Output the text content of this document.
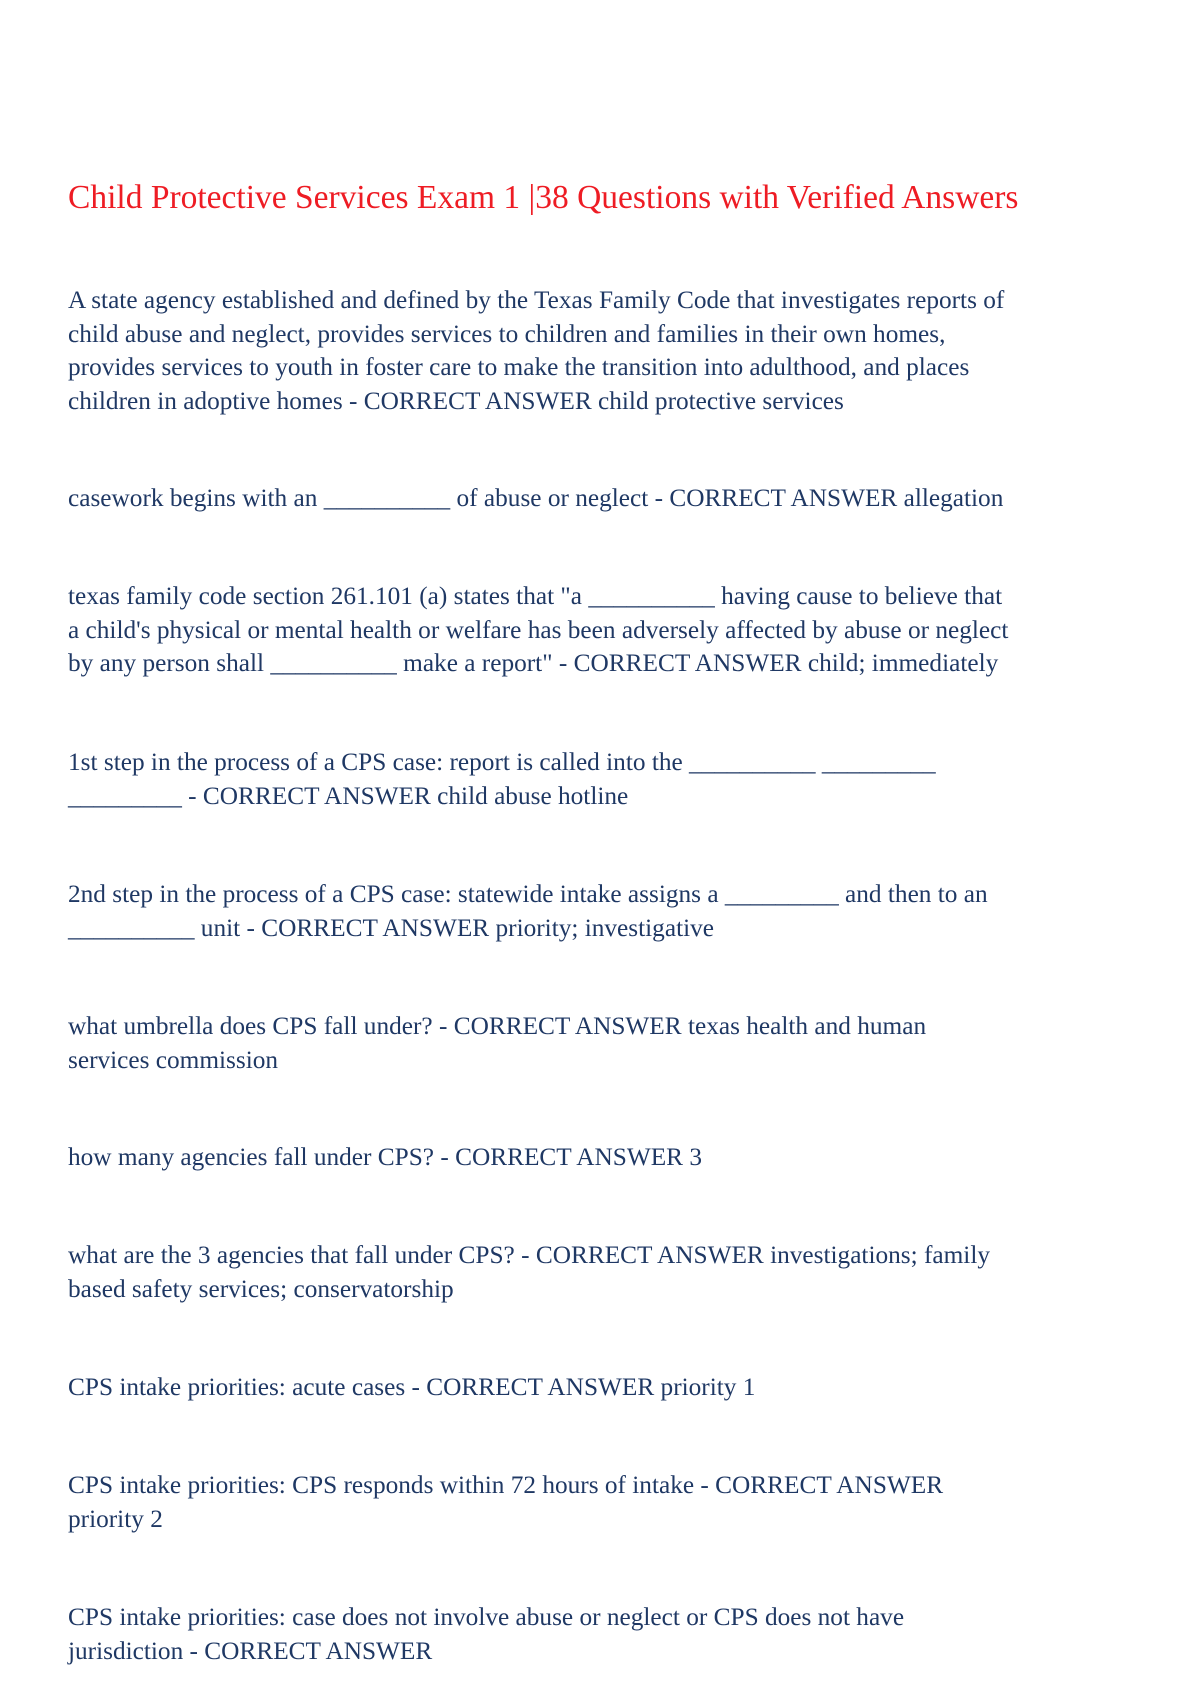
Child Protective Services Exam 1 |38 Questions with Verified Answers

A state agency established and defined by the Texas Family Code that investigates reports of
child abuse and neglect, provides services to children and families in their own homes,
provides services to youth in foster care to make the transition into adulthood, and places
children in adoptive homes - CORRECT ANSWER child protective services

casework begins with an __________ of abuse or neglect - CORRECT ANSWER allegation

texas family code section 261.101 (a) states that "a __________ having cause to believe that
a child's physical or mental health or welfare has been adversely affected by abuse or neglect
by any person shall __________ make a report" - CORRECT ANSWER child; immediately

1st step in the process of a CPS case: report is called into the __________ _________
_________ - CORRECT ANSWER child abuse hotline

2nd step in the process of a CPS case: statewide intake assigns a _________ and then to an
__________ unit - CORRECT ANSWER priority; investigative

what umbrella does CPS fall under? - CORRECT ANSWER texas health and human
services commission

how many agencies fall under CPS? - CORRECT ANSWER 3

what are the 3 agencies that fall under CPS? - CORRECT ANSWER investigations; family
based safety services; conservatorship

CPS intake priorities: acute cases - CORRECT ANSWER priority 1

CPS intake priorities: CPS responds within 72 hours of intake - CORRECT ANSWER
priority 2

CPS intake priorities: case does not involve abuse or neglect or CPS does not have
jurisdiction - CORRECT ANSWER
